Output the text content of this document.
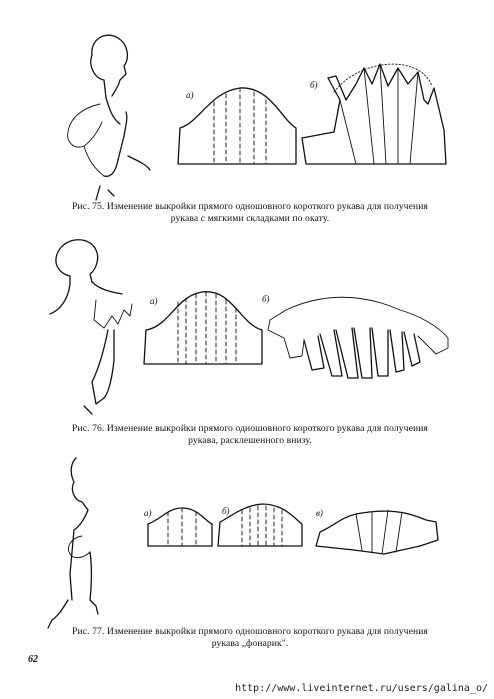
а)
б)
Рис. 75. Изменение выкройки прямого одношовного короткого рукава для получения
рукава с мягкими складками по окату.
а)	б)
Рис. 76. Изменение выкройки прямого одношовного короткого рукава для получения
рукава, расклешенного внизу.
а)	б)	в)
Рис. 77. Изменение выкройки прямого одношовного короткого рукава для получения
рукава „фонарик".
62
http://www.liveinternet.ru/users/galina_o/
